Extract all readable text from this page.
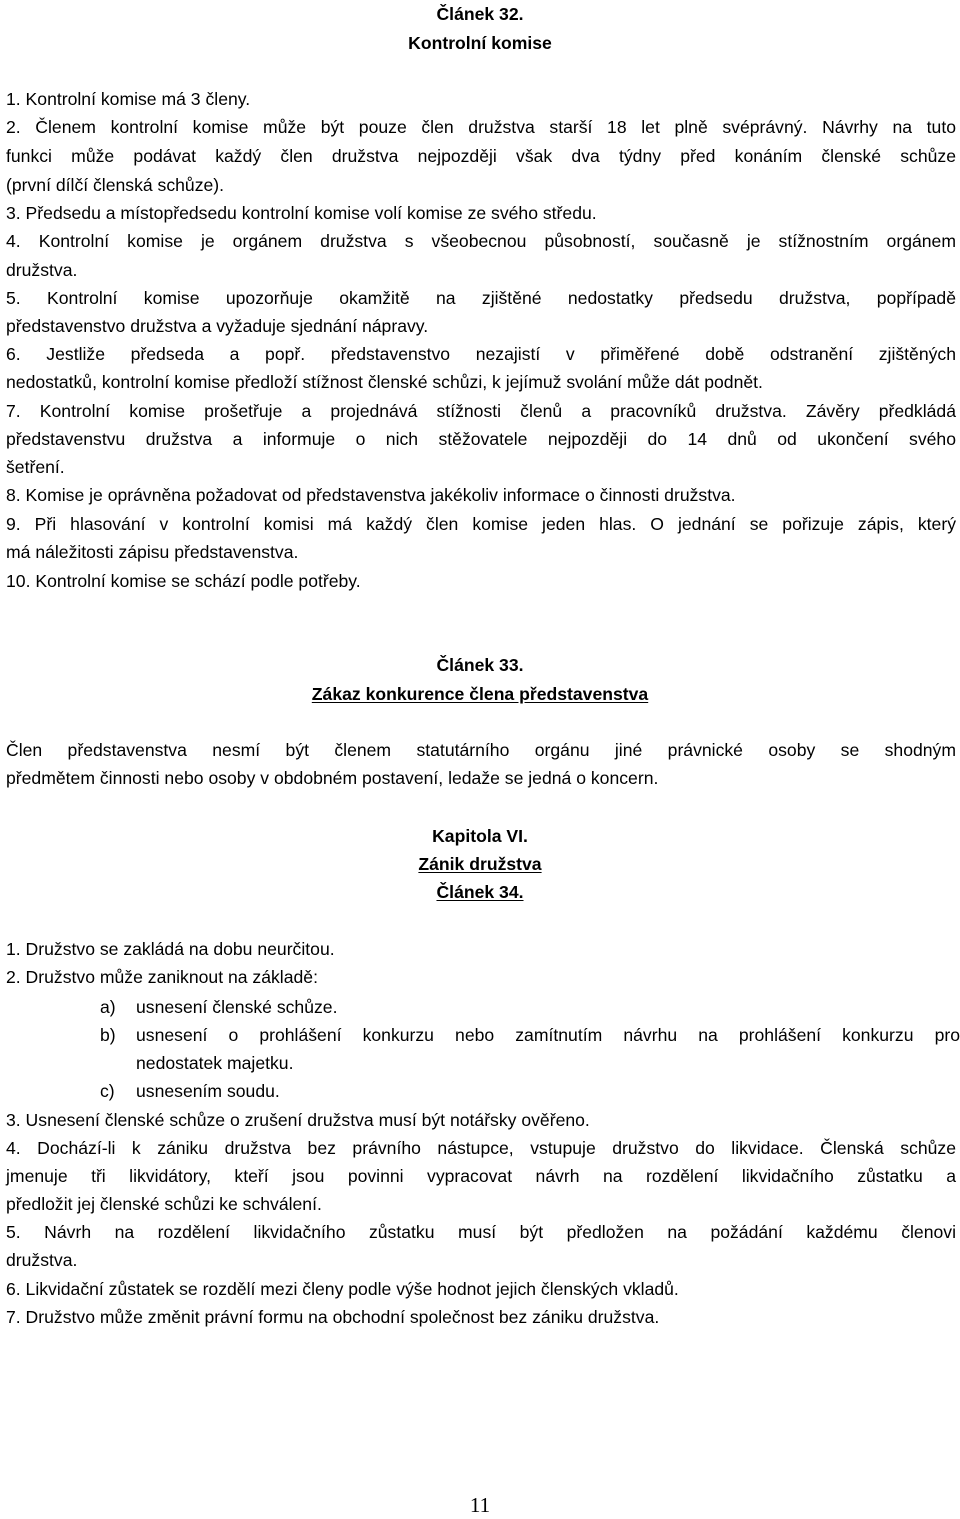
Článek 32.
Kontrolní komise
1. Kontrolní komise má 3 členy.
2. Členem kontrolní komise může být pouze člen družstva starší 18 let plně svéprávný. Návrhy na tuto
funkci může podávat každý člen družstva nejpozději však dva týdny před konáním členské schůze
(první dílčí členská schůze).
3. Předsedu a místopředsedu kontrolní komise volí komise ze svého středu.
4. Kontrolní komise je orgánem družstva s všeobecnou působností, současně je stížnostním orgánem
družstva.
5. Kontrolní komise upozorňuje okamžitě na zjištěné nedostatky předsedu družstva, popřípadě
představenstvo družstva a vyžaduje sjednání nápravy.
6. Jestliže předseda a popř. představenstvo nezajistí v přiměřené době odstranění zjištěných
nedostatků, kontrolní komise předloží stížnost členské schůzi, k jejímuž svolání může dát podnět.
7. Kontrolní komise prošetřuje a projednává stížnosti členů a pracovníků družstva. Závěry předkládá
představenstvu družstva a informuje o nich stěžovatele nejpozději do 14 dnů od ukončení svého
šetření.
8. Komise je oprávněna požadovat od představenstva jakékoliv informace o činnosti družstva.
9. Při hlasování v kontrolní komisi má každý člen komise jeden hlas. O jednání se pořizuje zápis, který
má náležitosti zápisu představenstva.
10. Kontrolní komise se schází podle potřeby.
Článek 33.
Zákaz konkurence člena představenstva
Člen představenstva nesmí být členem statutárního orgánu jiné právnické osoby se shodným
předmětem činnosti nebo osoby v obdobném postavení, ledaže se jedná o koncern.
Kapitola VI.
Zánik družstva
Článek 34.
1. Družstvo se zakládá na dobu neurčitou.
2. Družstvo může zaniknout na základě:
a) usnesení členské schůze.
b) usnesení o prohlášení konkurzu nebo zamítnutím návrhu na prohlášení konkurzu pro
nedostatek majetku.
c) usnesením soudu.
3. Usnesení členské schůze o zrušení družstva musí být notářsky ověřeno.
4. Dochází-li k zániku družstva bez právního nástupce, vstupuje družstvo do likvidace. Členská schůze
jmenuje tři likvidátory, kteří jsou povinni vypracovat návrh na rozdělení likvidačního zůstatku a
předložit jej členské schůzi ke schválení.
5. Návrh na rozdělení likvidačního zůstatku musí být předložen na požádání každému členovi
družstva.
6. Likvidační zůstatek se rozdělí mezi členy podle výše hodnot jejich členských vkladů.
7. Družstvo může změnit právní formu na obchodní společnost bez zániku družstva.
11
